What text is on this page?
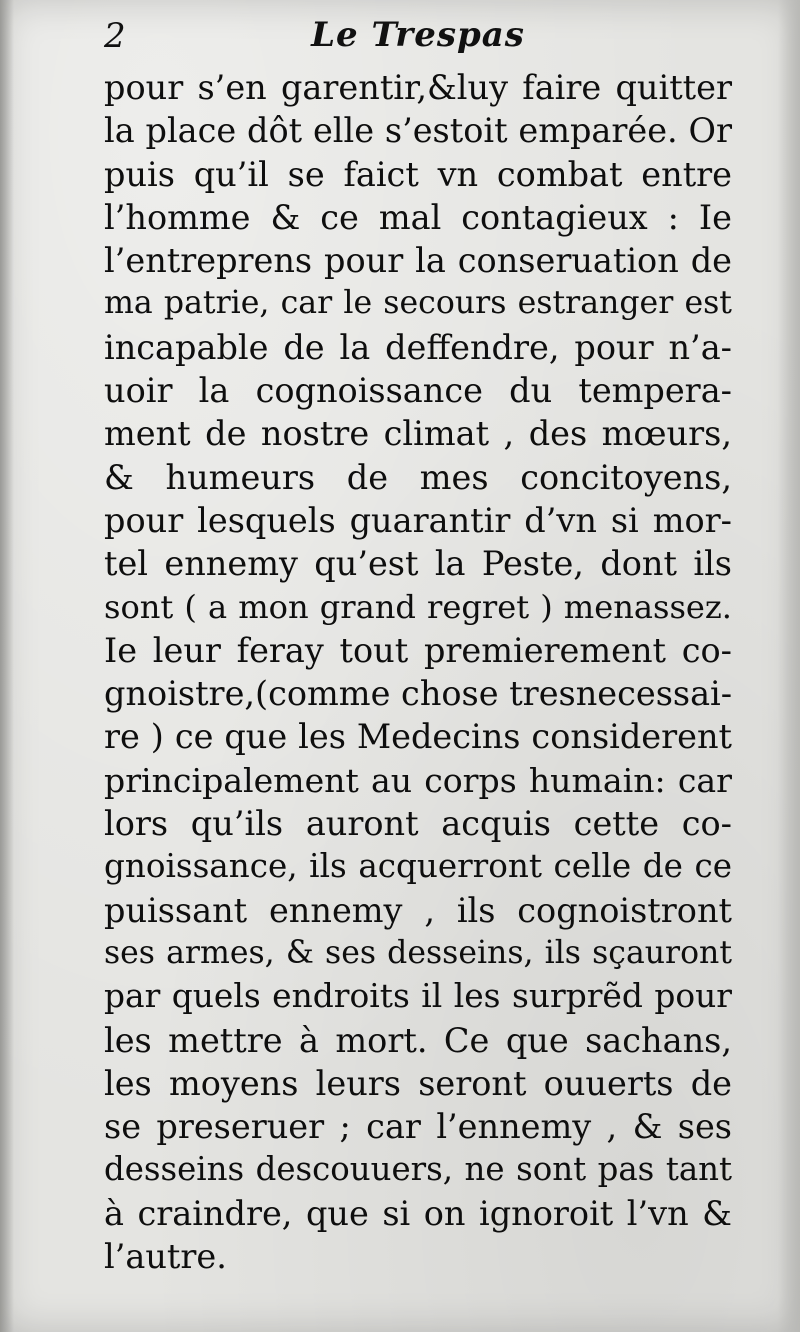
2	Le Trespas
pour s’en garentir,&luy faire quitter
la place dôt elle s’estoit emparée. Or
puis qu’il se faict vn combat entre
l’homme & ce mal contagieux : Ie
l’entreprens pour la conseruation de
ma patrie, car le secours estranger est
incapable de la deffendre, pour n’a-
uoir la cognoissance du tempera-
ment de nostre climat , des mœurs,
& humeurs de mes concitoyens,
pour lesquels guarantir d’vn si mor-
tel ennemy qu’est la Peste, dont ils
sont ( a mon grand regret ) menassez.
Ie leur feray tout premierement co-
gnoistre,(comme chose tresnecessai-
re ) ce que les Medecins considerent
principalement au corps humain: car
lors qu’ils auront acquis cette co-
gnoissance, ils acquerront celle de ce
puissant ennemy , ils cognoistront
ses armes, & ses desseins, ils sçauront
par quels endroits il les surprẽd pour
les mettre à mort. Ce que sachans,
les moyens leurs seront ouuerts de
se preseruer ; car l’ennemy , & ses
desseins descouuers, ne sont pas tant
à craindre, que si on ignoroit l’vn &
l’autre.
